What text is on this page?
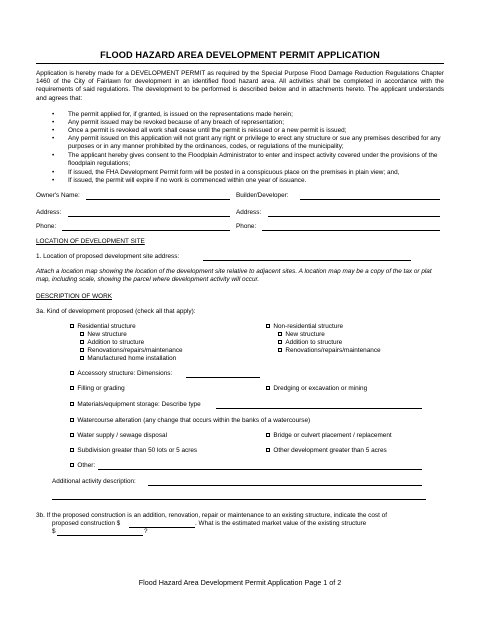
FLOOD HAZARD AREA DEVELOPMENT PERMIT APPLICATION
Application is hereby made for a DEVELOPMENT PERMIT as required by the Special Purpose Flood Damage Reduction Regulations Chapter 1460 of the City of Fairlawn for development in an identified flood hazard area. All activities shall be completed in accordance with the requirements of said regulations. The development to be performed is described below and in attachments hereto. The applicant understands and agrees that:
• The permit applied for, if granted, is issued on the representations made herein;
• Any permit issued may be revoked because of any breach of representation;
• Once a permit is revoked all work shall cease until the permit is reissued or a new permit is issued;
• Any permit issued on this application will not grant any right or privilege to erect any structure or sue any premises described for any purposes or in any manner prohibited by the ordinances, codes, or regulations of the municipality;
• The applicant hereby gives consent to the Floodplain Administrator to enter and inspect activity covered under the provisions of the floodplain regulations;
• If issued, the FHA Development Permit form will be posted in a conspicuous place on the premises in plain view; and,
• If issued, the permit will expire if no work is commenced within one year of issuance.
Owner's Name:	Builder/Developer:
Address:	Address:
Phone:	Phone:
LOCATION OF DEVELOPMENT SITE
1. Location of proposed development site address:
Attach a location map showing the location of the development site relative to adjacent sites. A location map may be a copy of the tax or plat map, including scale, showing the parcel where development activity will occur.
DESCRIPTION OF WORK
3a. Kind of development proposed (check all that apply):
Residential structure
New structure
Addition to structure
Renovations/repairs/maintenance
Manufactured home installation
Non-residential structure
New structure
Addition to structure
Renovations/repairs/maintenance
Accessory structure: Dimensions:
Filling or grading	Dredging or excavation or mining
Materials/equipment storage: Describe type
Watercourse alteration (any change that occurs within the banks of a watercourse)
Water supply / sewage disposal	Bridge or culvert placement / replacement
Subdivision greater than 50 lots or 5 acres	Other development greater than 5 acres
Other:
Additional activity description:
3b. If the proposed construction is an addition, renovation, repair or maintenance to an existing structure, indicate the cost of
proposed construction $	. What is the estimated market value of the existing structure
$	?
Flood Hazard Area Development Permit Application Page 1 of 2
